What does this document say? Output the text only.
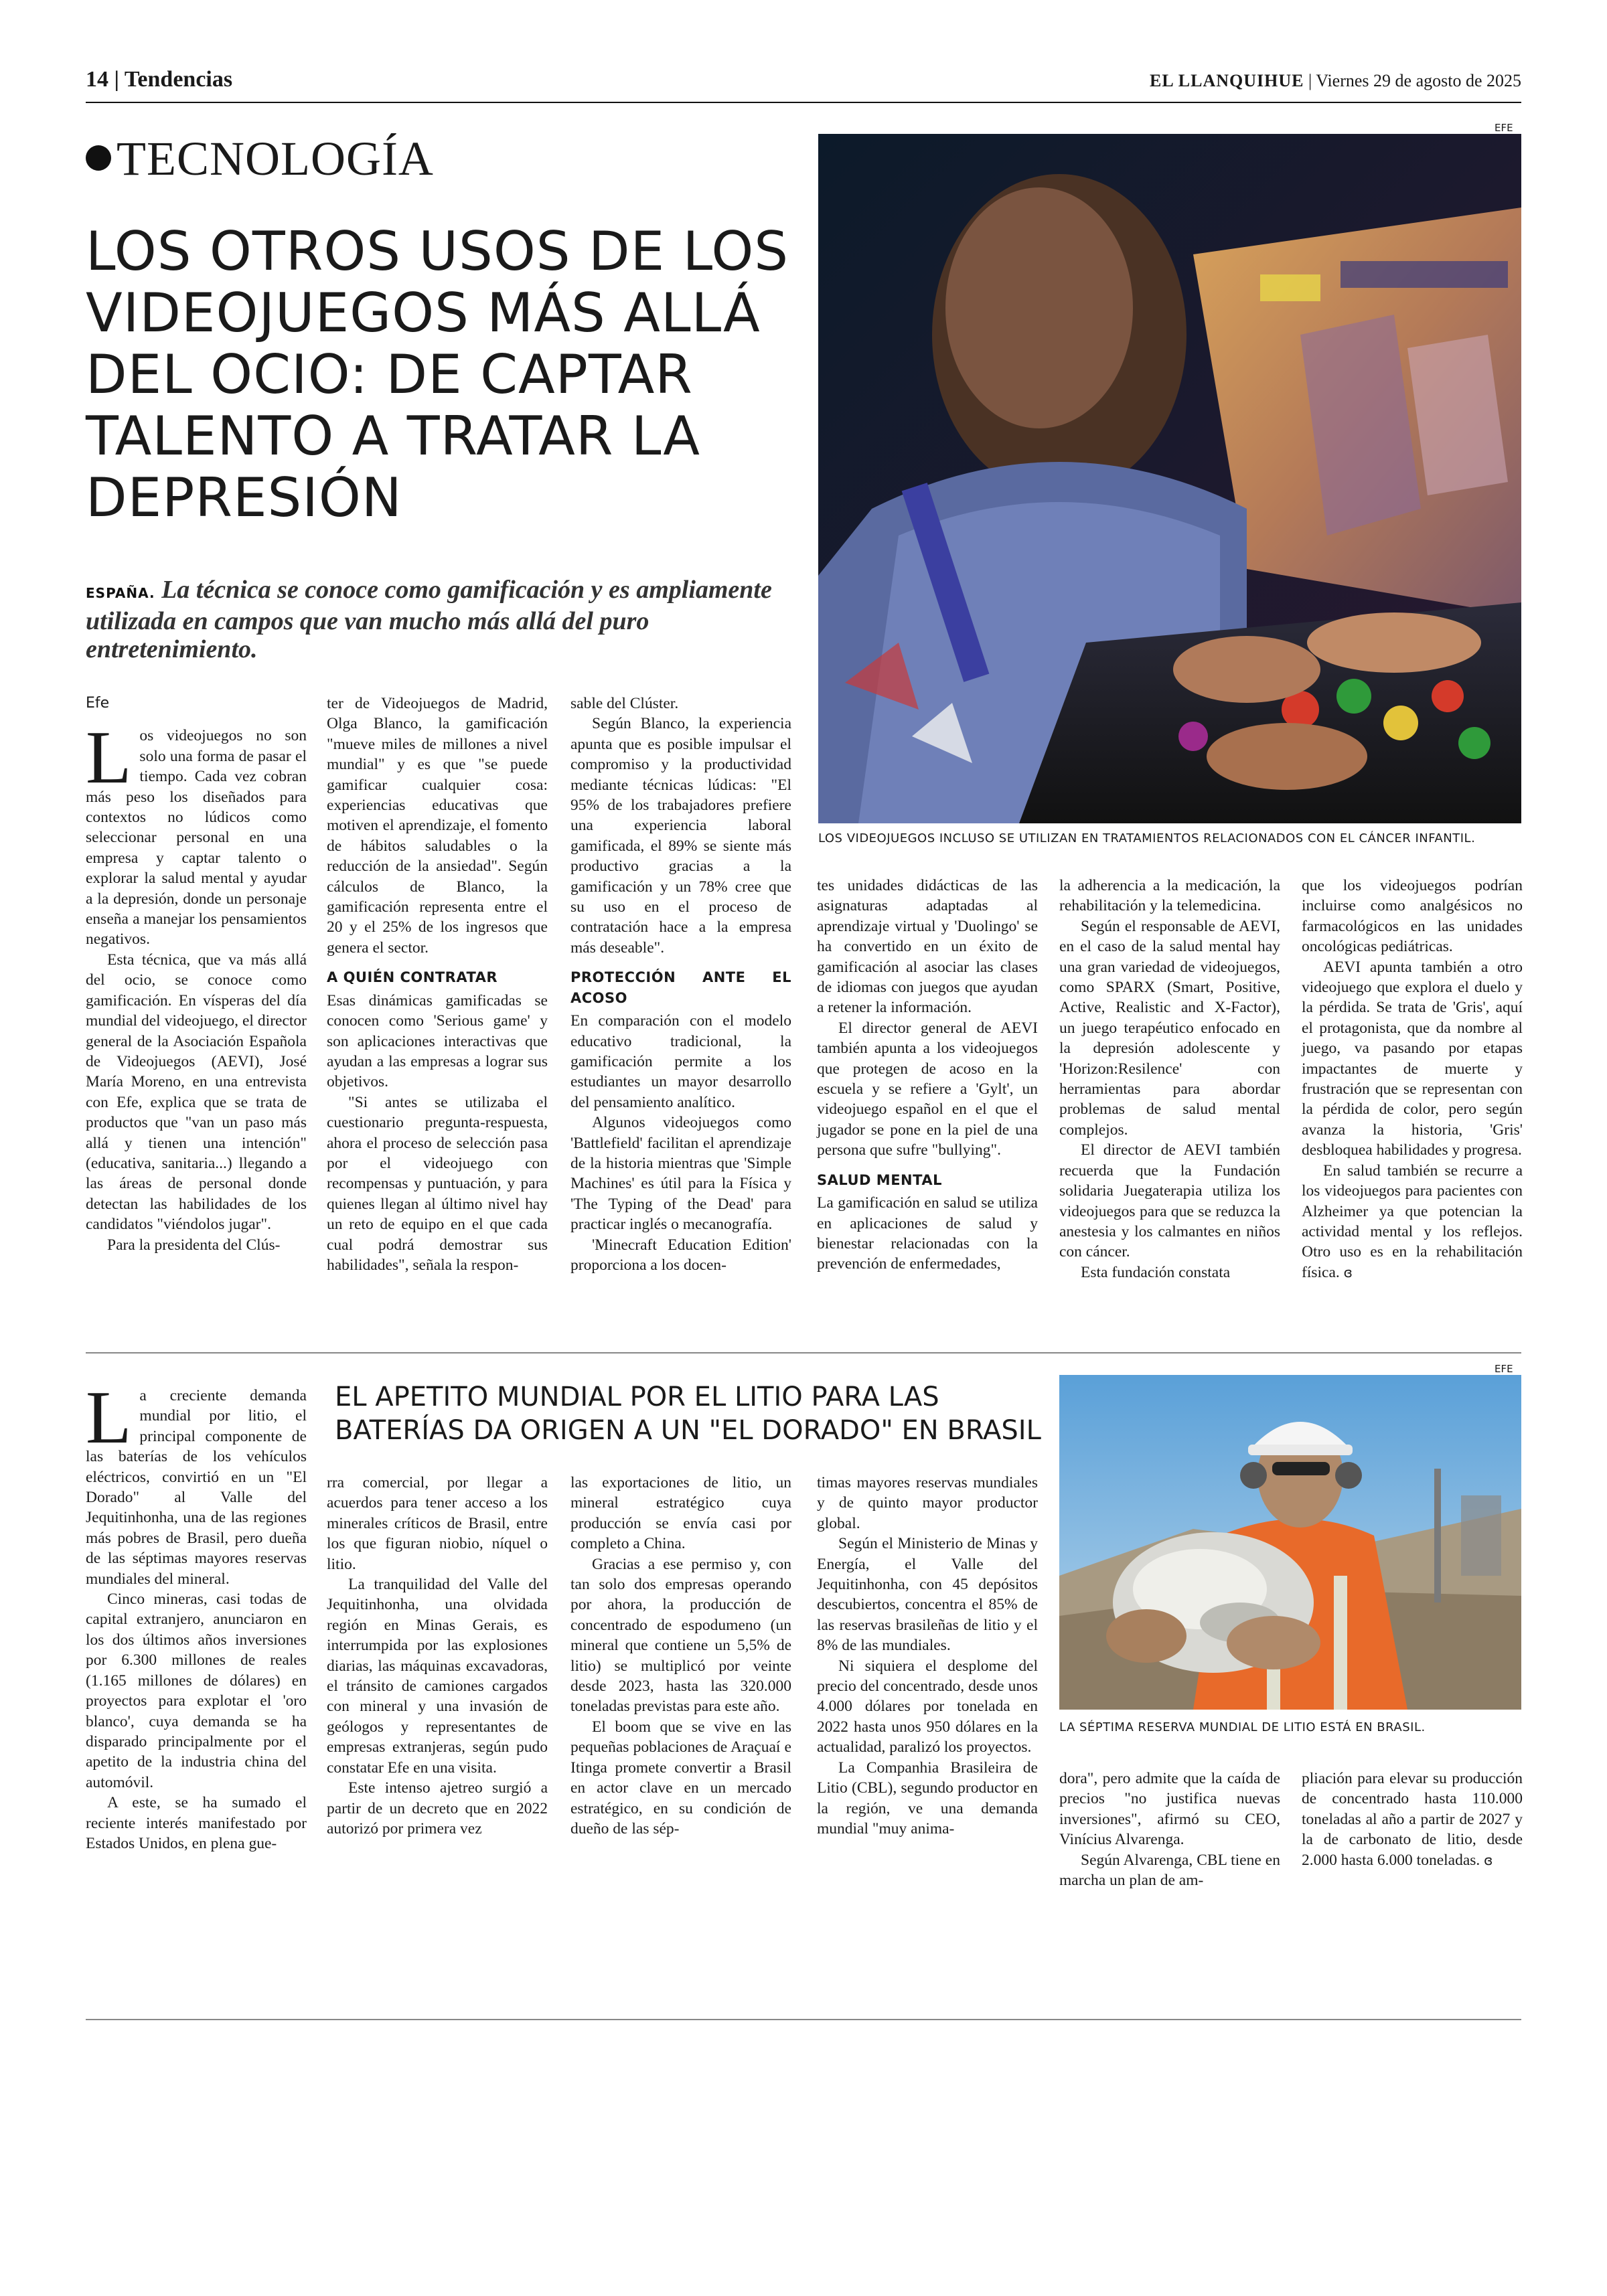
14 | Tendencias	EL LLANQUIHUE | Viernes 29 de agosto de 2025
TECNOLOGÍA
LOS OTROS USOS DE LOS VIDEOJUEGOS MÁS ALLÁ DEL OCIO: DE CAPTAR TALENTO A TRATAR LA DEPRESIÓN
ESPAÑA. La técnica se conoce como gamificación y es ampliamente utilizada en campos que van mucho más allá del puro entretenimiento.
EFE
LOS VIDEOJUEGOS INCLUSO SE UTILIZAN EN TRATAMIENTOS RELACIONADOS CON EL CÁNCER INFANTIL.

Efe

Los videojuegos no son solo una forma de pasar el tiempo. Cada vez cobran más peso los diseñados para contextos no lúdicos como seleccionar personal en una empresa y captar talento o explorar la salud mental y ayudar a la depresión, donde un personaje enseña a manejar los pensamientos negativos.

Esta técnica, que va más allá del ocio, se conoce como gamificación. En vísperas del día mundial del videojuego, el director general de la Asociación Española de Videojuegos (AEVI), José María Moreno, en una entrevista con Efe, explica que se trata de productos que "van un paso más allá y tienen una intención" (educativa, sanitaria...) llegando a las áreas de personal donde detectan las habilidades de los candidatos "viéndolos jugar".

Para la presidenta del Clús-

ter de Videojuegos de Madrid, Olga Blanco, la gamificación "mueve miles de millones a nivel mundial" y es que "se puede gamificar cualquier cosa: experiencias educativas que motiven el aprendizaje, el fomento de hábitos saludables o la reducción de la ansiedad". Según cálculos de Blanco, la gamificación representa entre el 20 y el 25% de los ingresos que genera el sector.

A QUIÉN CONTRATAR

Esas dinámicas gamificadas se conocen como 'Serious game' y son aplicaciones interactivas que ayudan a las empresas a lograr sus objetivos.

"Si antes se utilizaba el cuestionario pregunta-respuesta, ahora el proceso de selección pasa por el videojuego con recompensas y puntuación, y para quienes llegan al último nivel hay un reto de equipo en el que cada cual podrá demostrar sus habilidades", señala la respon-

sable del Clúster.

Según Blanco, la experiencia apunta que es posible impulsar el compromiso y la productividad mediante técnicas lúdicas: "El 95% de los trabajadores prefiere una experiencia laboral gamificada, el 89% se siente más productivo gracias a la gamificación y un 78% cree que su uso en el proceso de contratación hace a la empresa más deseable".

PROTECCIÓN ANTE EL ACOSO

En comparación con el modelo educativo tradicional, la gamificación permite a los estudiantes un mayor desarrollo del pensamiento analítico.

Algunos videojuegos como 'Battlefield' facilitan el aprendizaje de la historia mientras que 'Simple Machines' es útil para la Física y 'The Typing of the Dead' para practicar inglés o mecanografía.

'Minecraft Education Edition' proporciona a los docen-

tes unidades didácticas de las asignaturas adaptadas al aprendizaje virtual y 'Duolingo' se ha convertido en un éxito de gamificación al asociar las clases de idiomas con juegos que ayudan a retener la información.

El director general de AEVI también apunta a los videojuegos que protegen de acoso en la escuela y se refiere a 'Gylt', un videojuego español en el que el jugador se pone en la piel de una persona que sufre "bullying".

SALUD MENTAL

La gamificación en salud se utiliza en aplicaciones de salud y bienestar relacionadas con la prevención de enfermedades,

la adherencia a la medicación, la rehabilitación y la telemedicina.

Según el responsable de AEVI, en el caso de la salud mental hay una gran variedad de videojuegos, como SPARX (Smart, Positive, Active, Realistic and X-Factor), un juego terapéutico enfocado en la depresión adolescente y 'Horizon:Resilence' con herramientas para abordar problemas de salud mental complejos.

El director de AEVI también recuerda que la Fundación solidaria Juegaterapia utiliza los videojuegos para que se reduzca la anestesia y los calmantes en niños con cáncer.

Esta fundación constata

que los videojuegos podrían incluirse como analgésicos no farmacológicos en las unidades oncológicas pediátricas.

AEVI apunta también a otro videojuego que explora el duelo y la pérdida. Se trata de 'Gris', aquí el protagonista, que da nombre al juego, va pasando por etapas impactantes de muerte y frustración que se representan con la pérdida de color, pero según avanza la historia, 'Gris' desbloquea habilidades y progresa.

En salud también se recurre a los videojuegos para pacientes con Alzheimer ya que potencian la actividad mental y los reflejos. Otro uso es en la rehabilitación física. ɞ

EL APETITO MUNDIAL POR EL LITIO PARA LAS BATERÍAS DA ORIGEN A UN "EL DORADO" EN BRASIL
EFE
LA SÉPTIMA RESERVA MUNDIAL DE LITIO ESTÁ EN BRASIL.

La creciente demanda mundial por litio, el principal componente de las baterías de los vehículos eléctricos, convirtió en un "El Dorado" al Valle del Jequitinhonha, una de las regiones más pobres de Brasil, pero dueña de las séptimas mayores reservas mundiales del mineral.

Cinco mineras, casi todas de capital extranjero, anunciaron en los dos últimos años inversiones por 6.300 millones de reales (1.165 millones de dólares) en proyectos para explotar el 'oro blanco', cuya demanda se ha disparado principalmente por el apetito de la industria china del automóvil.

A este, se ha sumado el reciente interés manifestado por Estados Unidos, en plena gue-

rra comercial, por llegar a acuerdos para tener acceso a los minerales críticos de Brasil, entre los que figuran niobio, níquel o litio.

La tranquilidad del Valle del Jequitinhonha, una olvidada región en Minas Gerais, es interrumpida por las explosiones diarias, las máquinas excavadoras, el tránsito de camiones cargados con mineral y una invasión de geólogos y representantes de empresas extranjeras, según pudo constatar Efe en una visita.

Este intenso ajetreo surgió a partir de un decreto que en 2022 autorizó por primera vez

las exportaciones de litio, un mineral estratégico cuya producción se envía casi por completo a China.

Gracias a ese permiso y, con tan solo dos empresas operando por ahora, la producción de concentrado de espodumeno (un mineral que contiene un 5,5% de litio) se multiplicó por veinte desde 2023, hasta las 320.000 toneladas previstas para este año.

El boom que se vive en las pequeñas poblaciones de Araçuaí e Itinga promete convertir a Brasil en actor clave en un mercado estratégico, en su condición de dueño de las sép-

timas mayores reservas mundiales y de quinto mayor productor global.

Según el Ministerio de Minas y Energía, el Valle del Jequitinhonha, con 45 depósitos descubiertos, concentra el 85% de las reservas brasileñas de litio y el 8% de las mundiales.

Ni siquiera el desplome del precio del concentrado, desde unos 4.000 dólares por tonelada en 2022 hasta unos 950 dólares en la actualidad, paralizó los proyectos.

La Companhia Brasileira de Litio (CBL), segundo productor en la región, ve una demanda mundial "muy anima-

dora", pero admite que la caída de precios "no justifica nuevas inversiones", afirmó su CEO, Vinícius Alvarenga.

Según Alvarenga, CBL tiene en marcha un plan de am-

pliación para elevar su producción de concentrado hasta 110.000 toneladas al año a partir de 2027 y la de carbonato de litio, desde 2.000 hasta 6.000 toneladas. ɞ
